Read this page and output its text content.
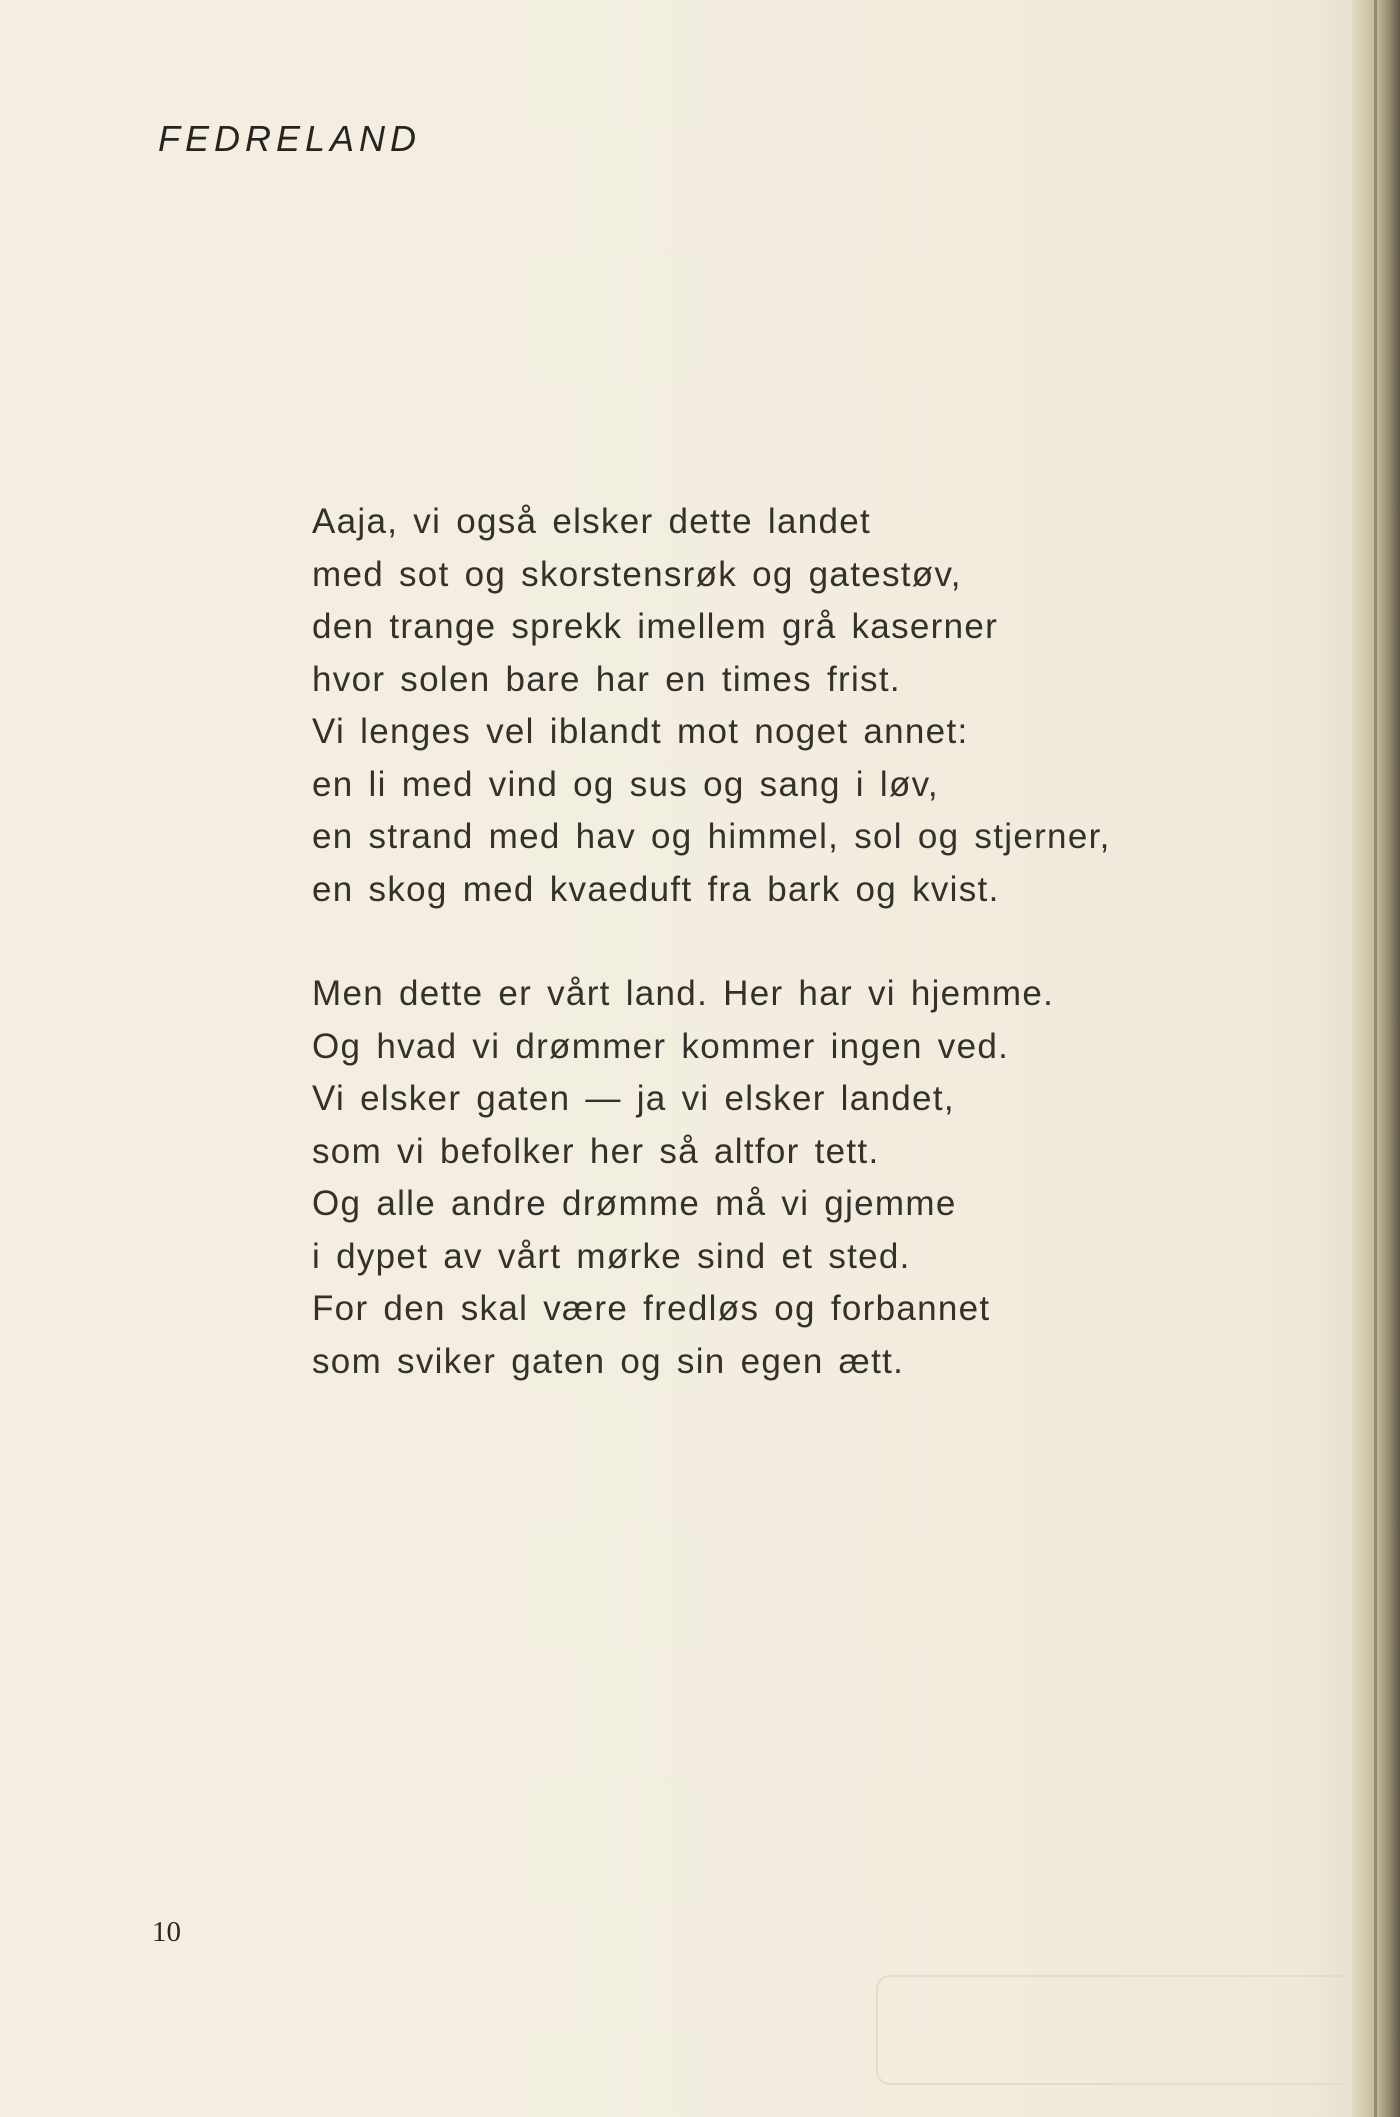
FEDRELAND
Aaja, vi også elsker dette landet
med sot og skorstensrøk og gatestøv,
den trange sprekk imellem grå kaserner
hvor solen bare har en times frist.
Vi lenges vel iblandt mot noget annet:
en li med vind og sus og sang i løv,
en strand med hav og himmel, sol og stjerner,
en skog med kvaeduft fra bark og kvist.
Men dette er vårt land. Her har vi hjemme.
Og hvad vi drømmer kommer ingen ved.
Vi elsker gaten — ja vi elsker landet,
som vi befolker her så altfor tett.
Og alle andre drømme må vi gjemme
i dypet av vårt mørke sind et sted.
For den skal være fredløs og forbannet
som sviker gaten og sin egen ætt.
10
